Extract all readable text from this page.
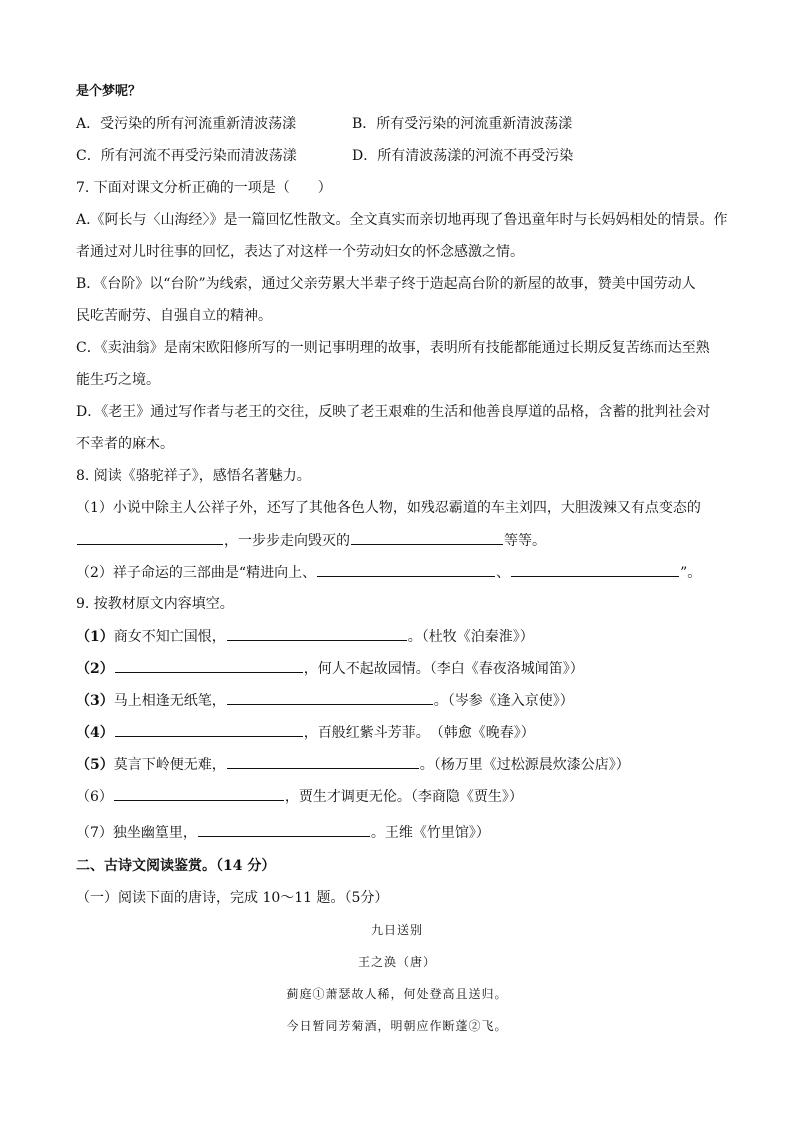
是个梦呢？
A．受污染的所有河流重新清波荡漾	B．所有受污染的河流重新清波荡漾
C．所有河流不再受污染而清波荡漾	D．所有清波荡漾的河流不再受污染
7. 下面对课文分析正确的一项是（　　）
A.《阿长与〈山海经〉》是一篇回忆性散文。全文真实而亲切地再现了鲁迅童年时与长妈妈相处的情景。作
者通过对儿时往事的回忆，表达了对这样一个劳动妇女的怀念感激之情。
B．《台阶》以“台阶”为线索，通过父亲劳累大半辈子终于造起高台阶的新屋的故事，赞美中国劳动人
民吃苦耐劳、自强自立的精神。
C．《卖油翁》是南宋欧阳修所写的一则记事明理的故事，表明所有技能都能通过长期反复苦练而达至熟
能生巧之境。
D．《老王》通过写作者与老王的交往，反映了老王艰难的生活和他善良厚道的品格，含蓄的批判社会对
不幸者的麻木。
8. 阅读《骆驼祥子》，感悟名著魅力。
（1）小说中除主人公祥子外，还写了其他各色人物，如残忍霸道的车主刘四，大胆泼辣又有点变态的
，一步步走向毁灭的	等等。
（2）祥子命运的三部曲是“精进向上、	、	”。
9. 按教材原文内容填空。
（1）商女不知亡国恨，	。（杜牧《泊秦淮》）
（2）	，何人不起故园情。（李白《春夜洛城闻笛》）
（3）马上相逢无纸笔，	。（岑参《逢入京使》）
（4）	，百般红紫斗芳菲。　（韩愈《晚春》）
（5）莫言下岭便无难，	。（杨万里《过松源晨炊漆公店》）
（6）	，贾生才调更无伦。（李商隐《贾生》）
（7）独坐幽篁里，	。王维《竹里馆》）
二、古诗文阅读鉴赏。（14 分）
（一）阅读下面的唐诗，完成 10～11 题。（5分）
九日送别
王之涣（唐）
蓟庭①萧瑟故人稀，何处登高且送归。
今日暂同芳菊酒，明朝应作断蓬②飞。
